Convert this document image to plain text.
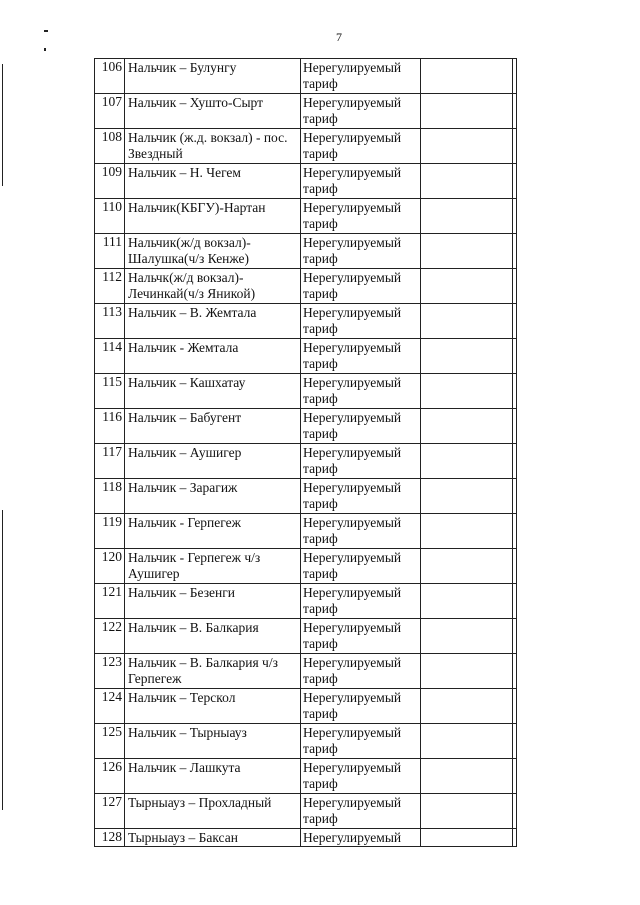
7
106	Нальчик – Булунгу	Нерегулируемый тариф		
107	Нальчик – Хушто-Сырт	Нерегулируемый тариф		
108	Нальчик (ж.д. вокзал) - пос. Звездный	Нерегулируемый тариф		
109	Нальчик – Н. Чегем	Нерегулируемый тариф		
110	Нальчик(КБГУ)-Нартан	Нерегулируемый тариф		
111	Нальчик(ж/д вокзал)-Шалушка(ч/з Кенже)	Нерегулируемый тариф		
112	Нальчк(ж/д вокзал)-Лечинкай(ч/з Яникой)	Нерегулируемый тариф		
113	Нальчик – В. Жемтала	Нерегулируемый тариф		
114	Нальчик - Жемтала	Нерегулируемый тариф		
115	Нальчик – Кашхатау	Нерегулируемый тариф		
116	Нальчик – Бабугент	Нерегулируемый тариф		
117	Нальчик – Аушигер	Нерегулируемый тариф		
118	Нальчик – Зарагиж	Нерегулируемый тариф		
119	Нальчик - Герпегеж	Нерегулируемый тариф		
120	Нальчик - Герпегеж ч/з Аушигер	Нерегулируемый тариф		
121	Нальчик – Безенги	Нерегулируемый тариф		
122	Нальчик – В. Балкария	Нерегулируемый тариф		
123	Нальчик – В. Балкария ч/з Герпегеж	Нерегулируемый тариф		
124	Нальчик – Терскол	Нерегулируемый тариф		
125	Нальчик – Тырныауз	Нерегулируемый тариф		
126	Нальчик – Лашкута	Нерегулируемый тариф		
127	Тырныауз – Прохладный	Нерегулируемый тариф		
128	Тырныауз – Баксан	Нерегулируемый		
